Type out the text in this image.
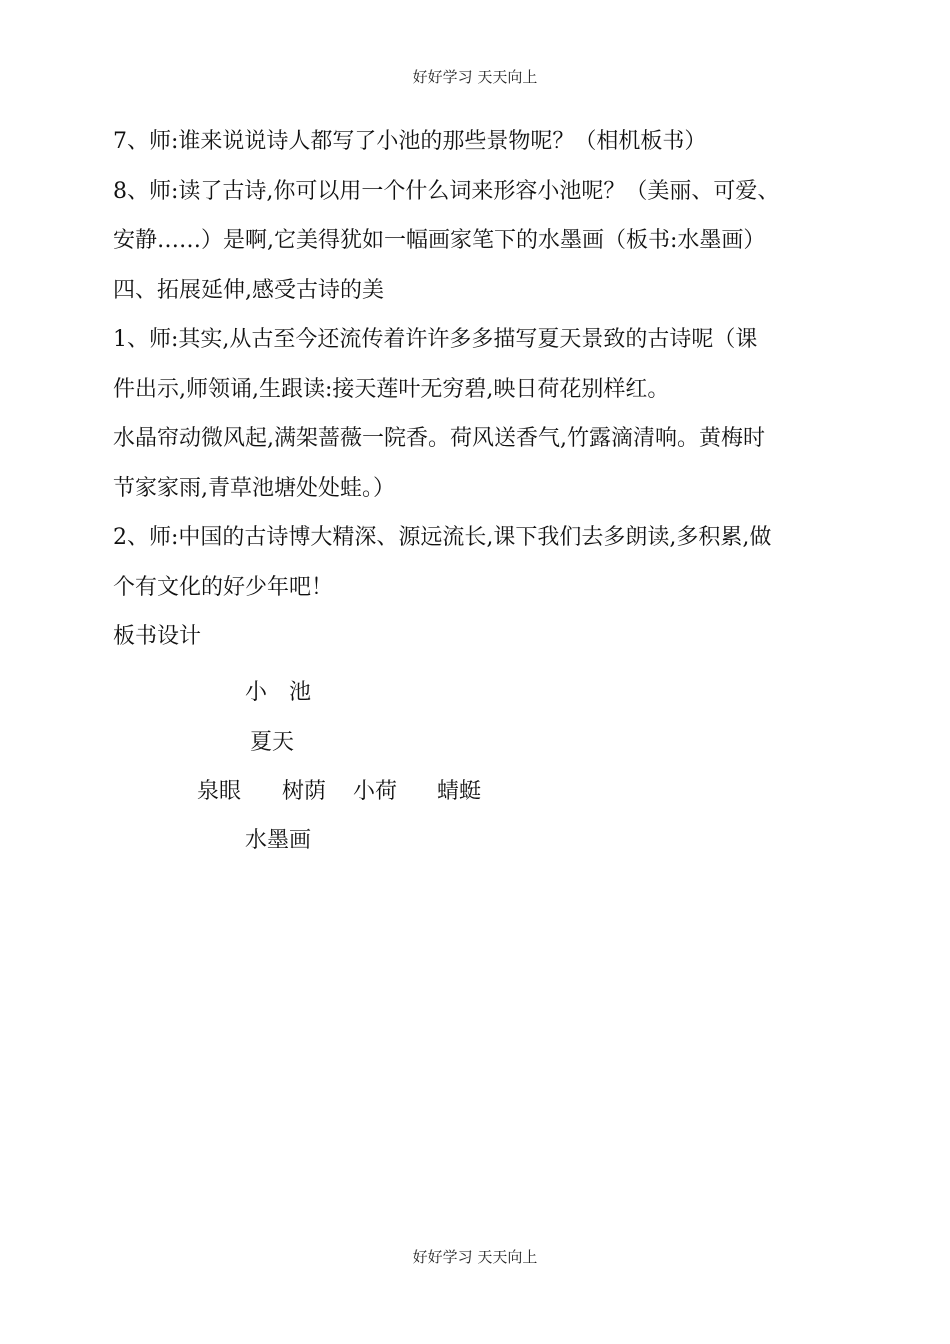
好好学习 天天向上
7、师:谁来说说诗人都写了小池的那些景物呢？（相机板书）
8、师:读了古诗,你可以用一个什么词来形容小池呢？（美丽、可爱、
安静……）是啊,它美得犹如一幅画家笔下的水墨画（板书:水墨画）
四、拓展延伸,感受古诗的美
1、师:其实,从古至今还流传着许许多多描写夏天景致的古诗呢（课
件出示,师领诵,生跟读:接天莲叶无穷碧,映日荷花别样红。
水晶帘动微风起,满架蔷薇一院香。荷风送香气,竹露滴清响。黄梅时
节家家雨,青草池塘处处蛙。）
2、师:中国的古诗博大精深、源远流长,课下我们去多朗读,多积累,做
个有文化的好少年吧！
板书设计
小　池
夏天
泉眼 树荫 小荷 蜻蜓
水墨画
好好学习 天天向上
